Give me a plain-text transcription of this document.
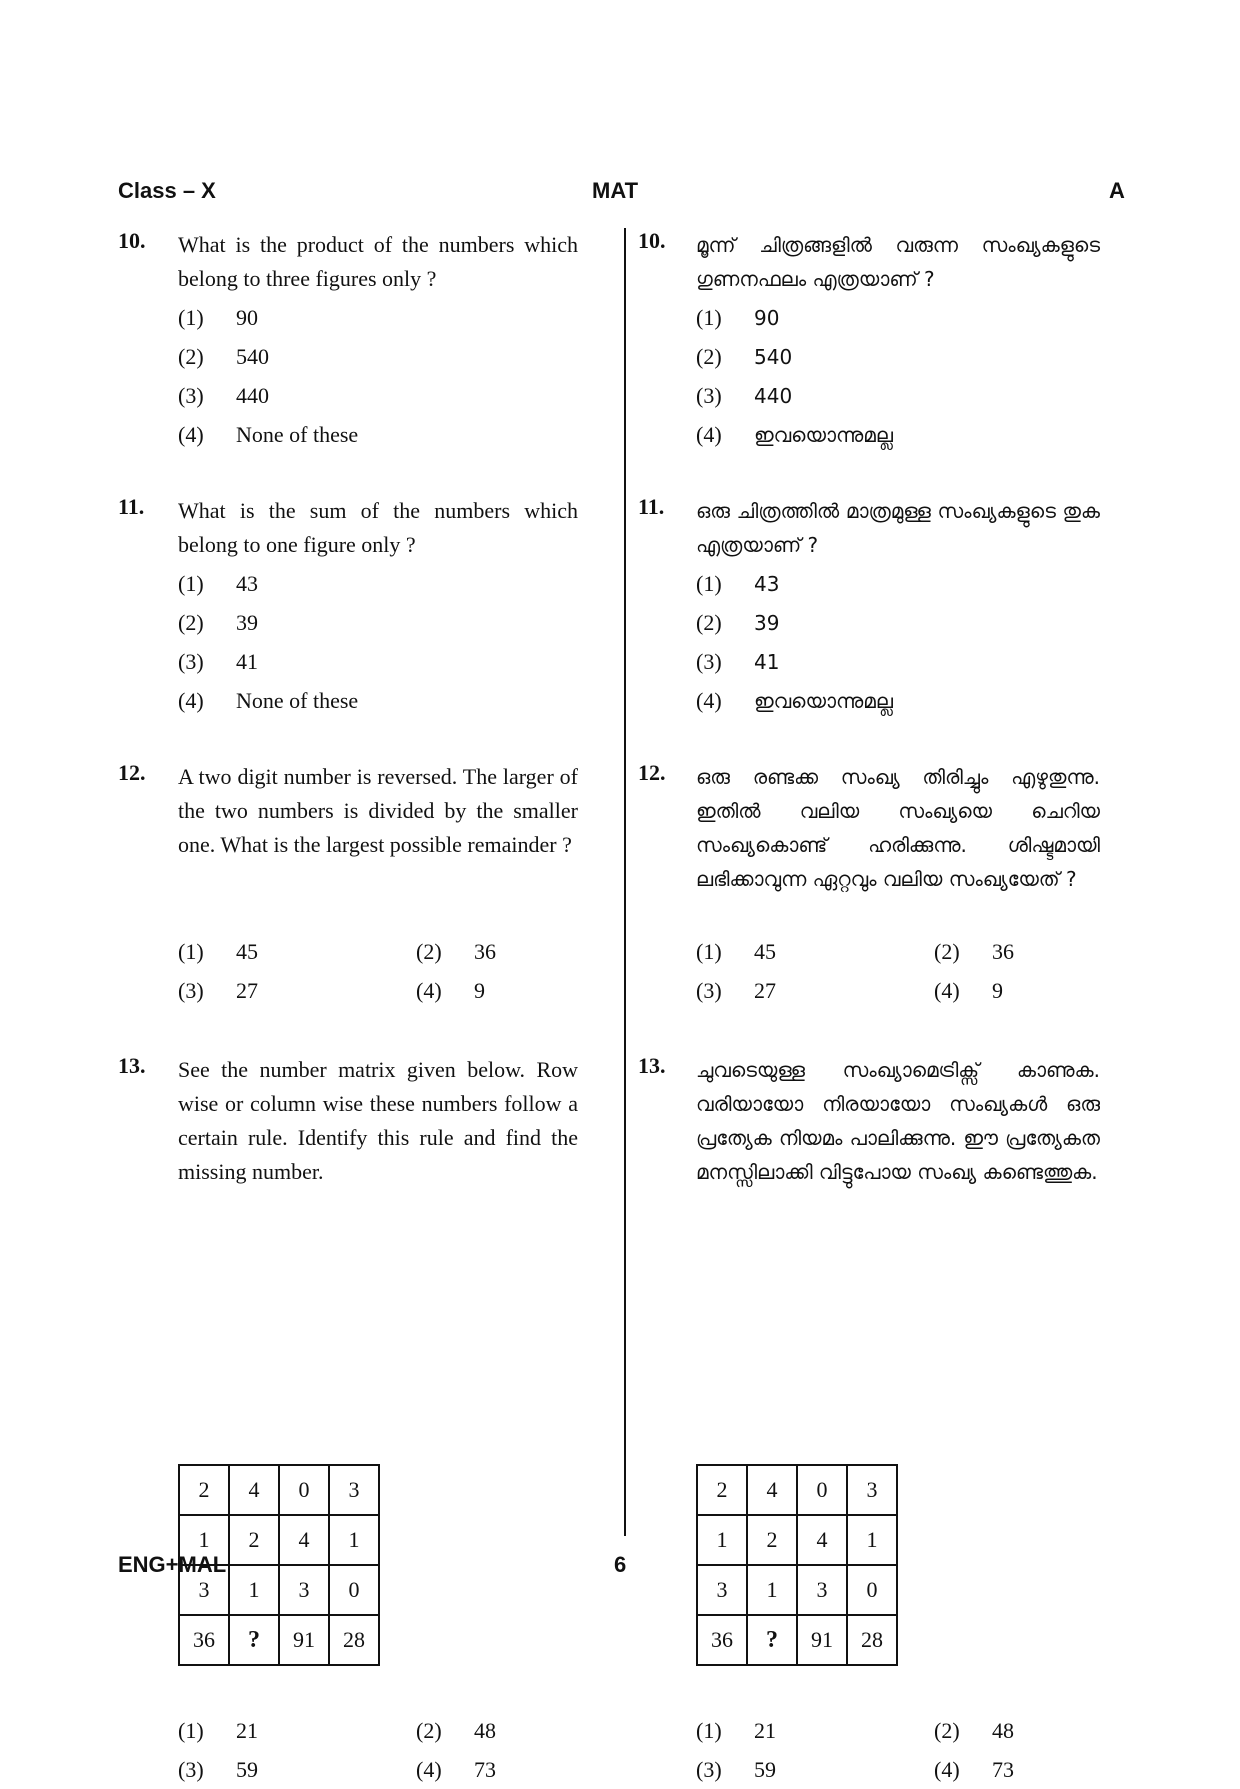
Class – X	MAT	A
10. What is the product of the numbers which belong to three figures only ?
(1) 90
(2) 540
(3) 440
(4) None of these
11. What is the sum of the numbers which belong to one figure only ?
(1) 43
(2) 39
(3) 41
(4) None of these
12. A two digit number is reversed. The larger of the two numbers is divided by the smaller one. What is the largest possible remainder ?
(1) 45	(2) 36
(3) 27	(4) 9
13. See the number matrix given below. Row wise or column wise these numbers follow a certain rule. Identify this rule and find the missing number.
2	4	0	3
1	2	4	1
3	1	3	0
36	?	91	28
(1) 21	(2) 48
(3) 59	(4) 73
10. മൂന്ന് ചിത്രങ്ങളിൽ വരുന്ന സംഖ്യകളുടെ ഗുണനഫലം എത്രയാണ് ?
(1) 90
(2) 540
(3) 440
(4) ഇവയൊന്നുമല്ല
11. ഒരു ചിത്രത്തിൽ മാത്രമുള്ള സംഖ്യകളുടെ തുക എത്രയാണ് ?
(1) 43
(2) 39
(3) 41
(4) ഇവയൊന്നുമല്ല
12. ഒരു രണ്ടക്ക സംഖ്യ തിരിച്ചും എഴുതുന്നു. ഇതിൽ വലിയ സംഖ്യയെ ചെറിയ സംഖ്യകൊണ്ട് ഹരിക്കുന്നു. ശിഷ്ടമായി ലഭിക്കാവുന്ന ഏറ്റവും വലിയ സംഖ്യയേത് ?
(1) 45	(2) 36
(3) 27	(4) 9
13. ചുവടെയുള്ള സംഖ്യാമെട്രിക്സ് കാണുക. വരിയായോ നിരയായോ സംഖ്യകൾ ഒരു പ്രത്യേക നിയമം പാലിക്കുന്നു. ഈ പ്രത്യേകത മനസ്സിലാക്കി വിട്ടുപോയ സംഖ്യ കണ്ടെത്തുക.
2	4	0	3
1	2	4	1
3	1	3	0
36	?	91	28
(1) 21	(2) 48
(3) 59	(4) 73
ENG+MAL	6
